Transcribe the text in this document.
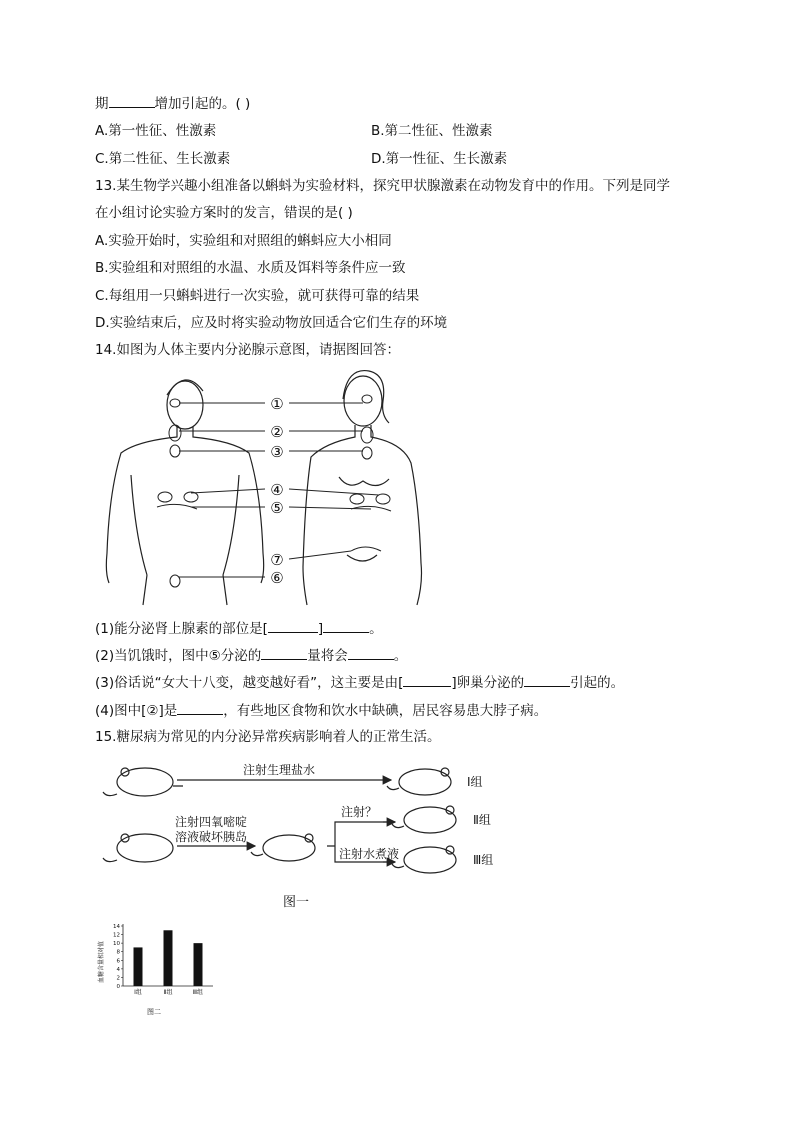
期	增加引起的。( )
A.第一性征、性激素	B.第二性征、性激素
C.第二性征、生长激素	D.第一性征、生长激素
13.某生物学兴趣小组准备以蝌蚪为实验材料，探究甲状腺激素在动物发育中的作用。下列是同学
在小组讨论实验方案时的发言，错误的是( )
A.实验开始时，实验组和对照组的蝌蚪应大小相同
B.实验组和对照组的水温、水质及饵料等条件应一致
C.每组用一只蝌蚪进行一次实验，就可获得可靠的结果
D.实验结束后，应及时将实验动物放回适合它们生存的环境
14.如图为人体主要内分泌腺示意图，请据图回答：
①
②
③
④
⑤
⑦
⑥
(1)能分泌肾上腺素的部位是[	]	。
(2)当饥饿时，图中⑤分泌的	量将会	。
(3)俗话说“女大十八变，越变越好看”，这主要是由[	]卵巢分泌的	引起的。
(4)图中[②]是	，有些地区食物和饮水中缺碘，居民容易患大脖子病。
15.糖尿病为常见的内分泌异常疾病影响着人的正常生活。
注射生理盐水
注射四氧嘧啶
溶液破坏胰岛
注射？
注射水煮液
Ⅰ组
Ⅱ组
Ⅲ组
图一
0
2
4
6
8
10
12
14
Ⅰ组	Ⅱ组	Ⅲ组
血糖含量相对值
图二
